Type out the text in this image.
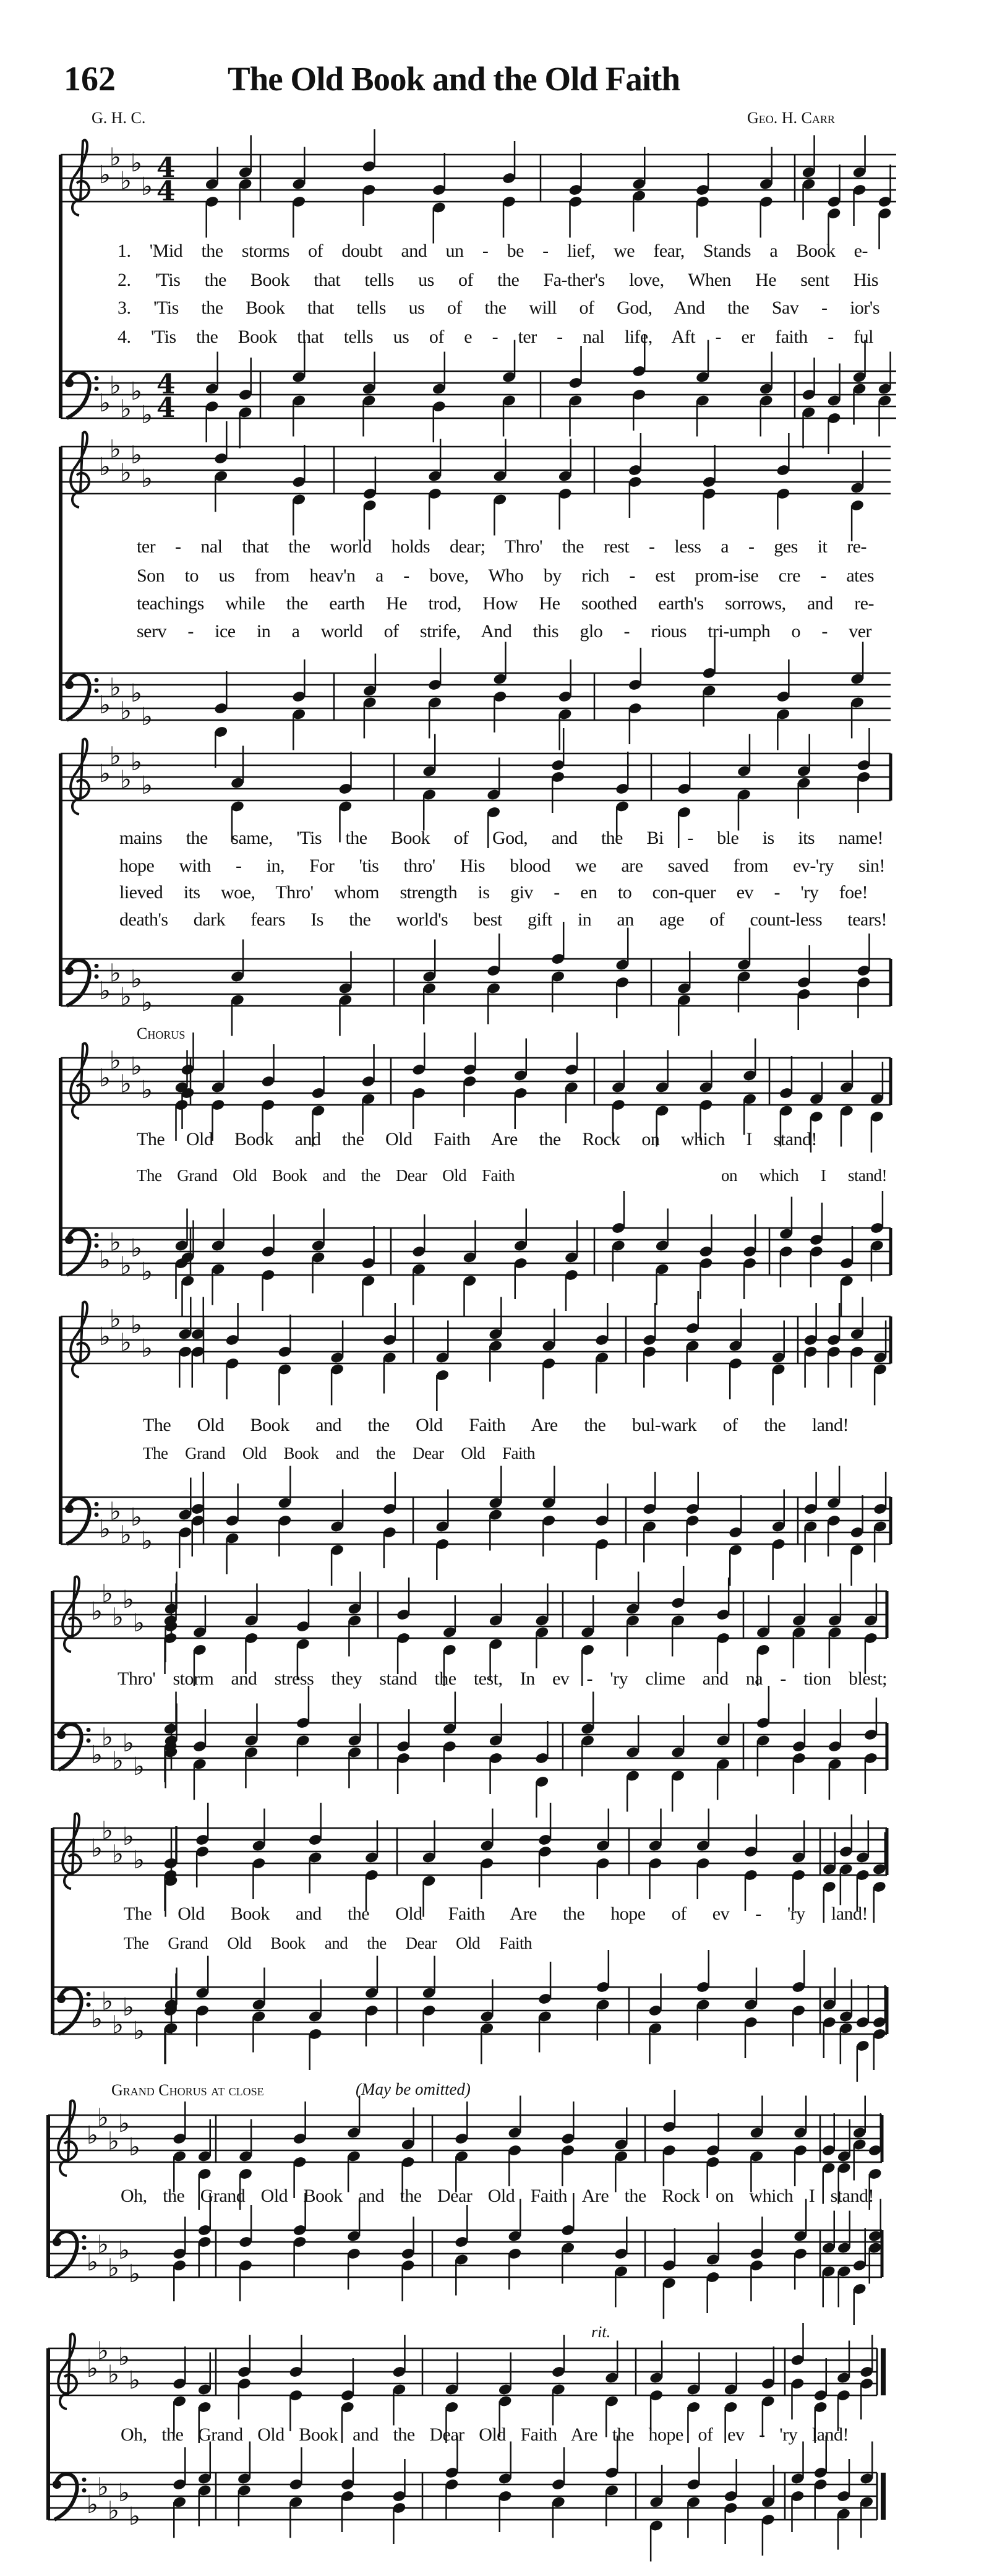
162	The Old Book and the Old Faith
G. H. C.	Geo. H. Carr
♭
♭
♭
♭
♭
4
4
♭
♭
♭
♭
♭
4
4
♭
♭
♭
♭
♭
♭
♭
♭
♭
♭
♭
♭
♭
♭
♭
♭
♭
♭
♭
♭
♭
♭
♭
♭
♭
♭
♭
♭
♭
♭
♭
♭
♭
♭
♭
♭
♭
♭
♭
♭
♭
♭
♭
♭
♭
♭
♭
♭
♭
♭
♭
♭
♭
♭
♭
♭
♭
♭
♭
♭
♭
♭
♭
♭
♭
♭
♭
♭
♭
♭
♭
♭
♭
♭
♭
♭
♭
♭
♭
♭
1. 'Mid the storms of doubt and un - be - lief, we fear, Stands a Book e-
2. 'Tis the Book that tells us of the Fa-ther's love, When He sent His
3. 'Tis the Book that tells us of the will of God, And the Sav - ior's
4. 'Tis the Book that tells us of e - ter - nal life, Aft - er faith - ful
ter - nal that the world holds dear; Thro' the rest - less a - ges it re-
Son to us from heav'n a - bove, Who by rich - est prom-ise cre - ates
teachings while the earth He trod, How He soothed earth's sorrows, and re-
serv - ice in a world of strife, And this glo - rious tri-umph o - ver
mains the same, 'Tis the Book of God, and the Bi - ble is its name!
hope with - in, For 'tis thro' His blood we are saved from ev-'ry sin!
lieved its woe, Thro' whom strength is giv - en to con-quer ev - 'ry foe!
death's dark fears Is the world's best gift in an age of count-less tears!
Chorus
The Old Book and the Old Faith Are the Rock on which I stand!
The Grand Old Book and the Dear Old Faith	on which I stand!
The Old Book and the Old Faith Are the bul-wark of the land!
The Grand Old Book and the Dear Old Faith
Thro' storm and stress they stand the test, In ev - 'ry clime and na - tion blest;
The Old Book and the Old Faith Are the hope of ev - 'ry land!
The Grand Old Book and the Dear Old Faith
Grand Chorus at close	(May be omitted)
Oh, the Grand Old Book and the Dear Old Faith Are the Rock on which I stand!
rit.
Oh, the Grand Old Book and the Dear Old Faith Are the hope of ev - 'ry land!
